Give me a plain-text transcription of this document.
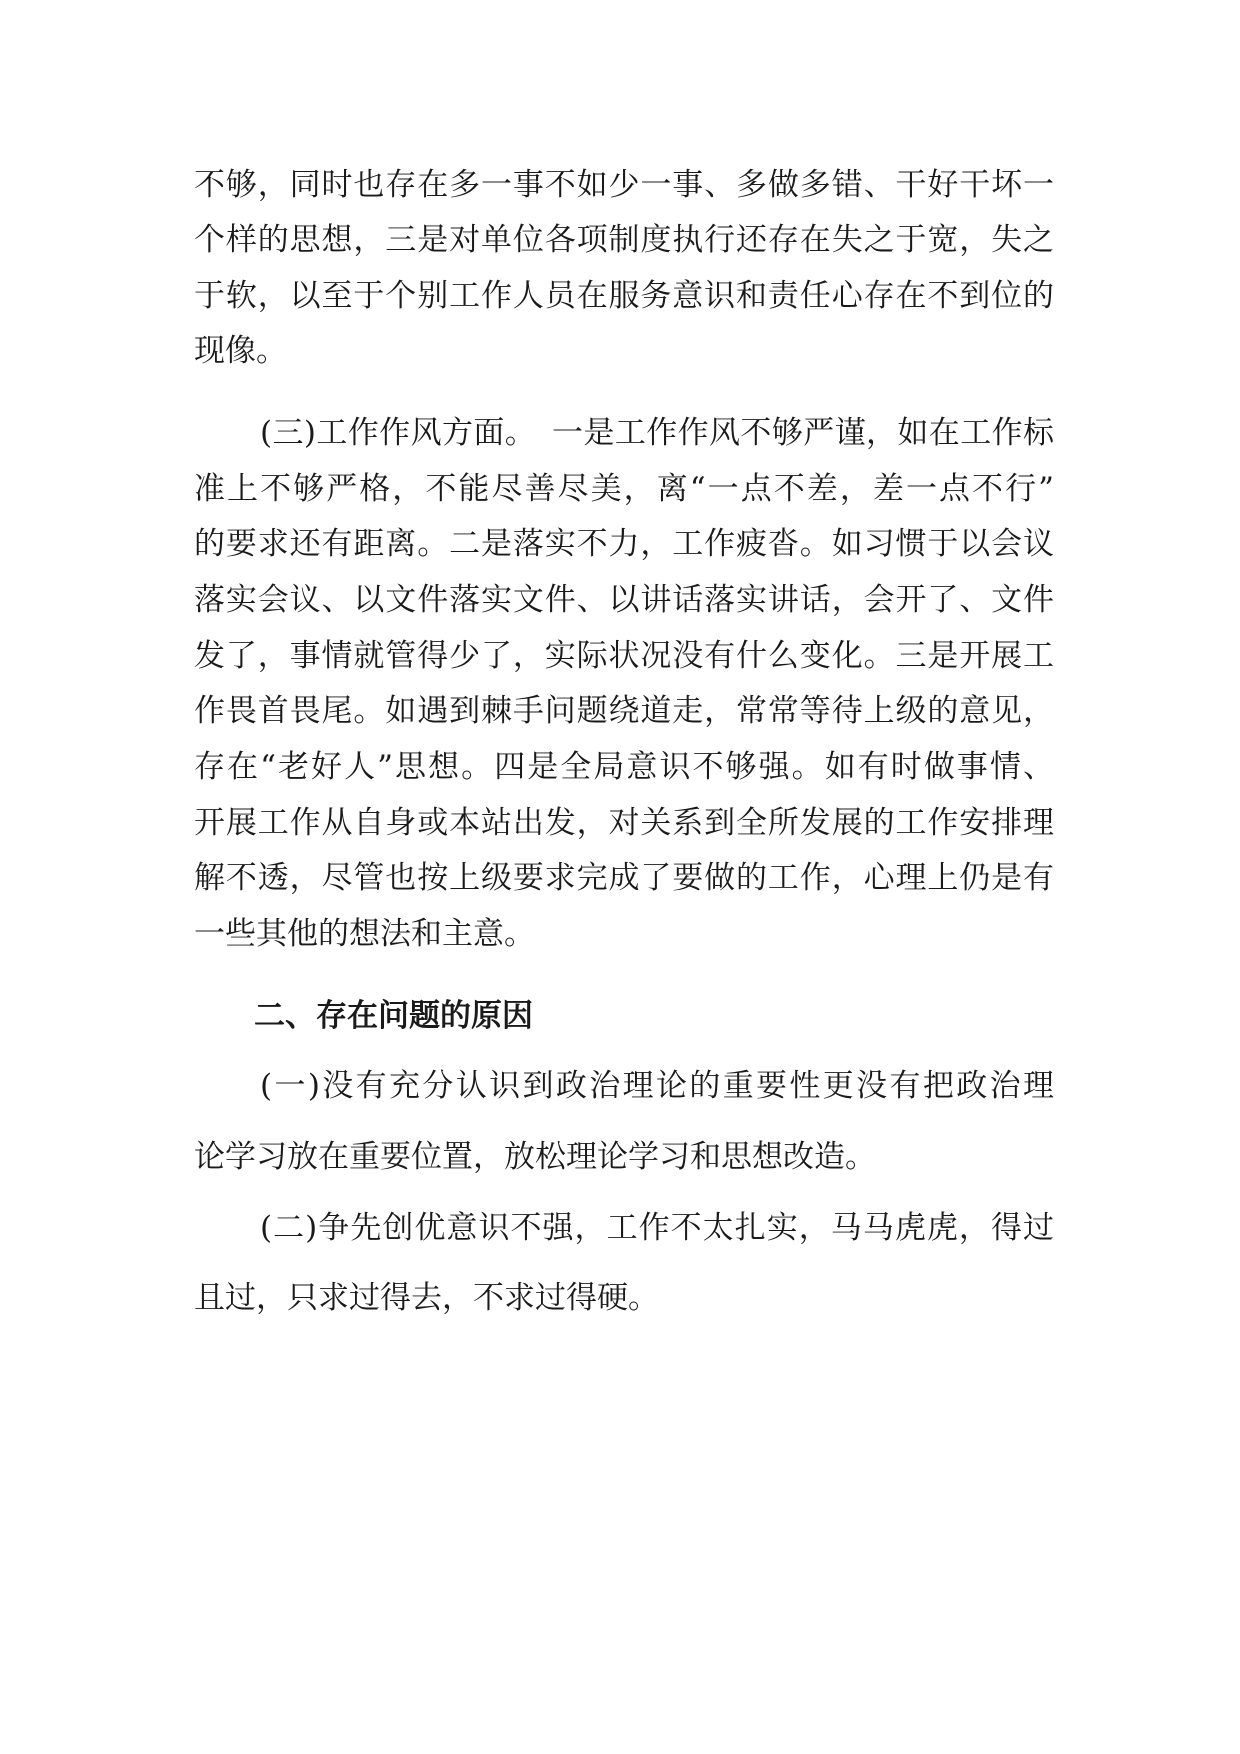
不够，同时也存在多一事不如少一事、多做多错、干好干坏一
个样的思想，三是对单位各项制度执行还存在失之于宽，失之
于软，以至于个别工作人员在服务意识和责任心存在不到位的
现像。
(三)工作作风方面。　一是工作作风不够严谨，如在工作标
准上不够严格，不能尽善尽美，离“一点不差，差一点不行”
的要求还有距离。二是落实不力，工作疲沓。如习惯于以会议
落实会议、以文件落实文件、以讲话落实讲话，会开了、文件
发了，事情就管得少了，实际状况没有什么变化。三是开展工
作畏首畏尾。如遇到棘手问题绕道走，常常等待上级的意见，
存在“老好人”思想。四是全局意识不够强。如有时做事情、
开展工作从自身或本站出发，对关系到全所发展的工作安排理
解不透，尽管也按上级要求完成了要做的工作，心理上仍是有
一些其他的想法和主意。
二、存在问题的原因
(一)没有充分认识到政治理论的重要性更没有把政治理
论学习放在重要位置，放松理论学习和思想改造。
(二)争先创优意识不强，工作不太扎实，马马虎虎，得过
且过，只求过得去，不求过得硬。
